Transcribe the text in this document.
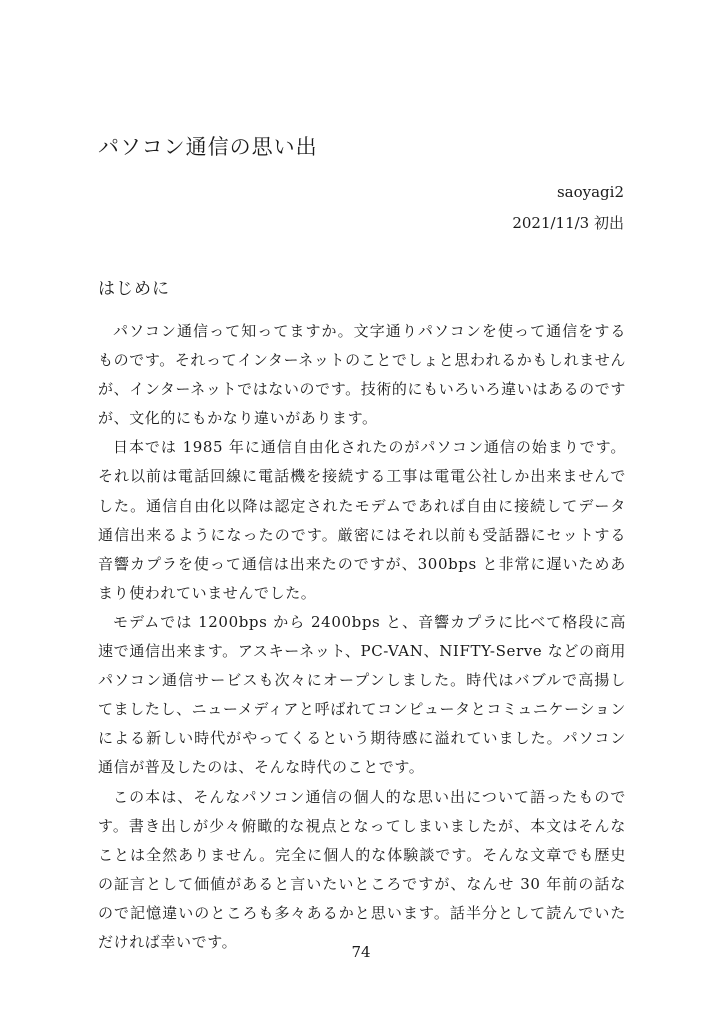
パソコン通信の思い出
saoyagi2
2021/11/3 初出
はじめに

パソコン通信って知ってますか。文字通りパソコンを使って通信をするものです。それってインターネットのことでしょと思われるかもしれませんが、インターネットではないのです。技術的にもいろいろ違いはあるのですが、文化的にもかなり違いがあります。

日本では 1985 年に通信自由化されたのがパソコン通信の始まりです。それ以前は電話回線に電話機を接続する工事は電電公社しか出来ませんでした。通信自由化以降は認定されたモデムであれば自由に接続してデータ通信出来るようになったのです。厳密にはそれ以前も受話器にセットする音響カプラを使って通信は出来たのですが、300bps と非常に遅いためあまり使われていませんでした。

モデムでは 1200bps から 2400bps と、音響カプラに比べて格段に高速で通信出来ます。アスキーネット、PC-VAN、NIFTY-Serve などの商用パソコン通信サービスも次々にオープンしました。時代はバブルで高揚してましたし、ニューメディアと呼ばれてコンピュータとコミュニケーションによる新しい時代がやってくるという期待感に溢れていました。パソコン通信が普及したのは、そんな時代のことです。

この本は、そんなパソコン通信の個人的な思い出について語ったものです。書き出しが少々俯瞰的な視点となってしまいましたが、本文はそんなことは全然ありません。完全に個人的な体験談です。そんな文章でも歴史の証言として価値があると言いたいところですが、なんせ 30 年前の話なので記憶違いのところも多々あるかと思います。話半分として読んでいただければ幸いです。

74
